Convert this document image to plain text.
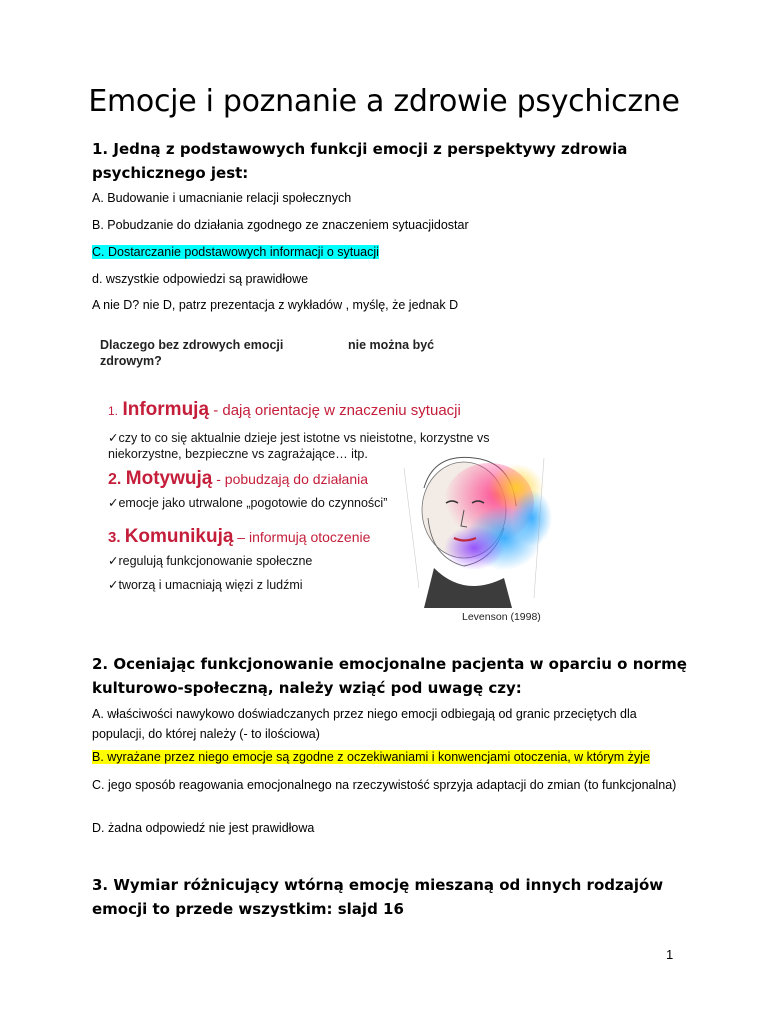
Emocje i poznanie a zdrowie psychiczne

1. Jedną z podstawowych funkcji emocji z perspektywy zdrowia psychicznego jest:

A. Budowanie i umacnianie relacji społecznych

B. Pobudzanie do działania zgodnego ze znaczeniem sytuacjidostar

C. Dostarczanie podstawowych informacji o sytuacji

d. wszystkie odpowiedzi są prawidłowe

A nie D? nie D, patrz prezentacja z wykładów , myślę, że jednak D

Dlaczego bez zdrowych emocji zdrowym?
nie można być
1. Informują - dają orientację w znaczeniu sytuacji
✓czy to co się aktualnie dzieje jest istotne vs nieistotne, korzystne vs
niekorzystne, bezpieczne vs zagrażające… itp.
2. Motywują - pobudzają do działania
✓emocje jako utrwalone „pogotowie do czynności”
3. Komunikują – informują otoczenie
✓regulują funkcjonowanie społeczne
✓tworzą i umacniają więzi z ludźmi
Levenson (1998)

2. Oceniając funkcjonowanie emocjonalne pacjenta w oparciu o normę kulturowo-społeczną, należy wziąć pod uwagę czy:

A. właściwości nawykowo doświadczanych przez niego emocji odbiegają od granic przeciętych dla populacji, do której należy (- to ilościowa)

B. wyrażane przez niego emocje są zgodne z oczekiwaniami i konwencjami otoczenia, w którym żyje

C. jego sposób reagowania emocjonalnego na rzeczywistość sprzyja adaptacji do zmian (to funkcjonalna)

D. żadna odpowiedź nie jest prawidłowa

3. Wymiar różnicujący wtórną emocję mieszaną od innych rodzajów emocji to przede wszystkim: slajd 16

1
